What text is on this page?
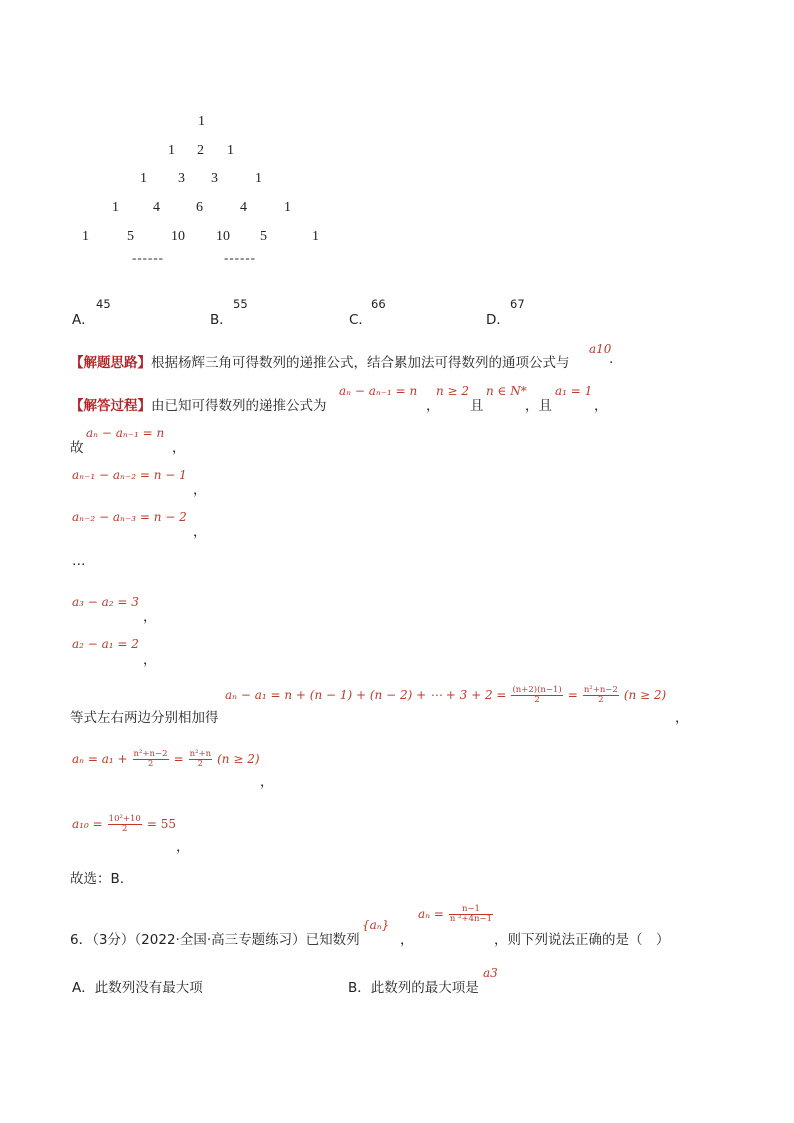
1
1 2 1
1 3 3	1
1 4	6	4	1
1	5	10 10 5	1
------	------
A．
45
B．
55
C．
66
D．
67
【解题思路】根据杨辉三角可得数列的递推公式，结合累加法可得数列的通项公式与
a10
.
【解答过程】由已知可得数列的递推公式为
aₙ − aₙ₋₁ = n
，
n ≥ 2
且
n ∈ N*
，且
a₁ = 1
，
故
aₙ − aₙ₋₁ = n
，
aₙ₋₁ − aₙ₋₂ = n − 1
，
aₙ₋₂ − aₙ₋₃ = n − 2
，
…
a₃ − a₂ = 3
，
a₂ − a₁ = 2
，
等式左右两边分别相加得
aₙ − a₁ = n + (n − 1) + (n − 2) + ⋯ + $3 + 2 = \frac{(n+2)(n-1)}{2} = \frac{\text{n²+n−2}}{2} (n \ge 2)$
，
$a_n = a_1 + \frac{\text{n²+n−2}}{2} = \frac{\text{n²+n}}{2} (n \ge 2)$
，
$a_{10} = \frac{\text{10²+10}}{2} = 55$
，
故选：B.
6．（3分）（2022·全国·高三专题练习）已知数列
{aₙ}
，
$a_n = \frac{n-1}{\text{n ²+4n−1}}$
，则下列说法正确的是（　）
A．此数列没有最大项	B．此数列的最大项是
a3
